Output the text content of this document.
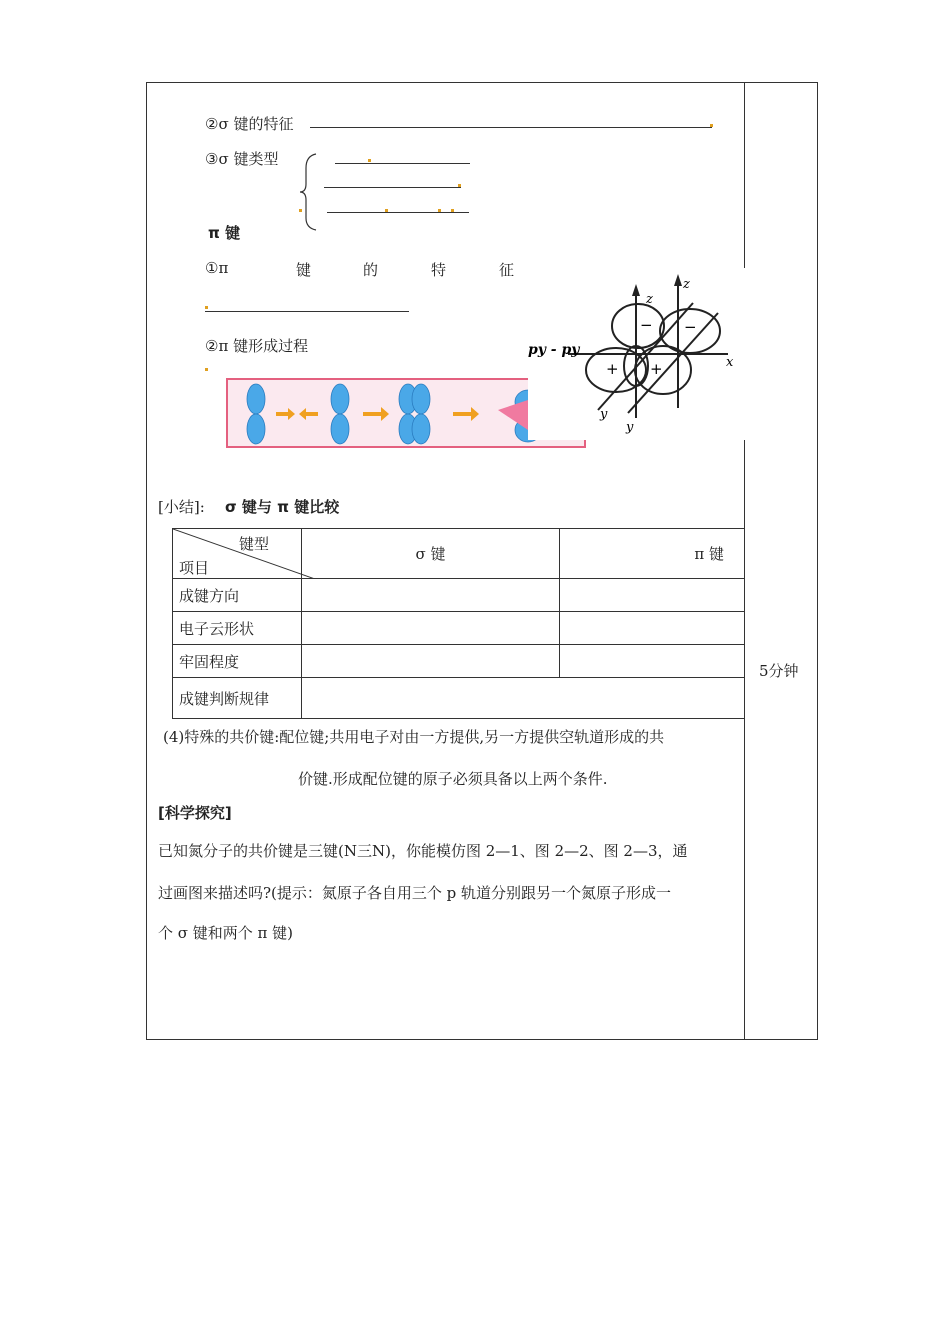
②σ 键的特征
③σ 键类型
π 键
①π	键	的	特	征
②π 键形成过程
z
z
x
y
y
py - py
+ +
− −
[小结]: σ 键与 π 键比较
键型
项目	σ 键	π 键
成键方向		
电子云形状		
牢固程度		
成键判断规律		
(4)特殊的共价键:配位键;共用电子对由一方提供,另一方提供空轨道形成的共
价键.形成配位键的原子必须具备以上两个条件.
[科学探究]
已知氮分子的共价键是三键(N三N)，你能模仿图 2—1、图 2—2、图 2—3，通
过画图来描述吗?(提示：氮原子各自用三个 p 轨道分别跟另一个氮原子形成一
个 σ 键和两个 π 键)
5分钟
